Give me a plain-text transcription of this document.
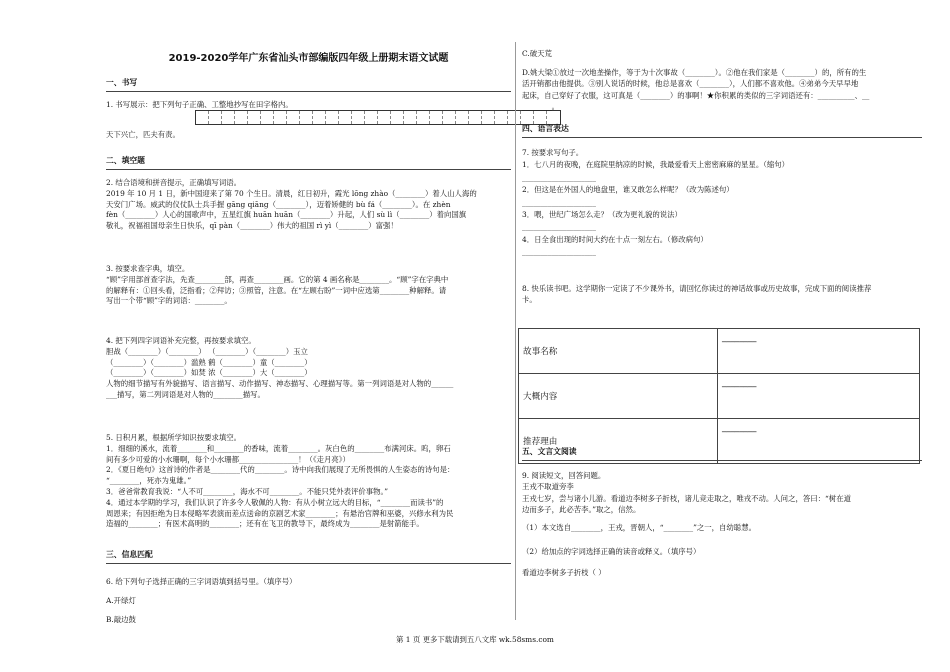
2019-2020学年广东省汕头市部编版四年级上册期末语文试题
一、书写
1. 书写展示：把下列句子正确、工整地抄写在田字格内。
天下兴亡，匹夫有责。
二、填空题
2. 结合语境和拼音提示，正确填写词语。
2019 年 10 月 1 日，新中国迎来了第 70 个生日。清晨，红日初升，霞光 lōng zhào（________）着人山人海的
天安门广场。威武的仪仗队士兵手握 gāng qiāng（________），迈着矫健的 bù fá（________）。在 zhèn
fèn（________）人心的国歌声中，五星红旗 huān huān（________）升起，人们 sù lì（________）着向国旗
敬礼，祝福祖国母亲生日快乐，qī pàn（________）伟大的祖国 rì yì（________）富强！
3. 按要求查字典，填空。
“顾”字用部首查字法，先查________部，再查________画。它的第 4 画名称是________。“顾”字在字典中
的解释有：①回头看，泛指看；②拜访；③照管，注意。在“左顾右盼”一词中应选第________种解释。请
写出一个带“顾”字的词语：________。
4. 把下列四字词语补充完整，再按要求填空。
胆战（________）（________） （________）（________）玉立
（________）（________）滥熟 鹤（________）童（________）
（________）（________）如焚 浓（________）大（________）
人物的细节描写有外貌描写、语言描写、动作描写、神态描写、心理描写等。第一列词语是对人物的______
___描写，第二列词语是对人物的________描写。
5. 日积月累，根据所学知识按要求填空。
1．细细的溪水，流着________和________的香味，流着________。灰白色的________布满河床。呜，卵石
间有多少可爱的小水珊啊，每个小水珊都________________！（《走月亮》）
2．《夏日绝句》这首诗的作者是________代的________。诗中向我们展现了无所畏惧的人生姿态的诗句是：
“________，死亦为鬼雄。”
3．爸爸常教育我说：“人不可________，海水不可________。不能只凭外表评价事物。”
4．通过本学期的学习，我们认识了许多令人敬佩的人物：有从小树立远大的目标，“________而读书”的
周恩来；有因拒绝为日本侵略军表演而差点送命的京剧艺术家________；有悬治官牌和巫婆，兴修水利为民
造福的________；有医术高明的________；还有在飞卫的教导下，最终成为________是射箭能手。
三、信息匹配
6. 给下列句子选择正确的三字词语填到括号里。（填序号）
A.开绿灯
B.敲边鼓
C.破天荒
D.姚大梁①放过一次地垄操作，等于为十次事故（________）。②他在我们家是（________）的，所有的生
活开销都由他提供。③别人说话的时候，他总是喜欢（________），人们都不喜欢他。④弟弟今天早早地
起床，自己穿好了衣服，这可真是（________）的事啊！★你积累的类似的三字词语还有：__________、__
________。
四、语言表达
7. 按要求写句子。
1．七八月的夜晚，在庭院里纳凉的时候，我最爱看天上密密麻麻的星星。（缩句）
____________________
2．但这是在外国人的地盘里，谁又敢怎么样呢？（改为陈述句）
____________________
3．喂，世纪广场怎么走？（改为更礼貌的说法）
____________________
4．日全食出现的时间大约在十点一刻左右。（修改病句）
____________________
8. 快乐读书吧。这学期你一定读了不少课外书，请回忆你读过的神话故事或历史故事，完成下面的阅读推荐
卡。
故事名称	________
大概内容	________
推荐理由	________
五、文言文阅读
9. 阅读短文，回答问题。
王戎不取道旁李
王戎七岁，尝与诸小儿游。看道边李树多子折枝，诸儿竞走取之，唯戎不动。人问之，答曰：“树在道
边而多子，此必苦李。”取之，信然。
（1）本文选自________，王戎，晋朝人，“________”之一，自幼聪慧。
（2）给加点的字词选择正确的读音或释义。（填序号）
看道边李树多子折枝（ ）
第 1 页 更多下载请到五八文库 wk.58sms.com
